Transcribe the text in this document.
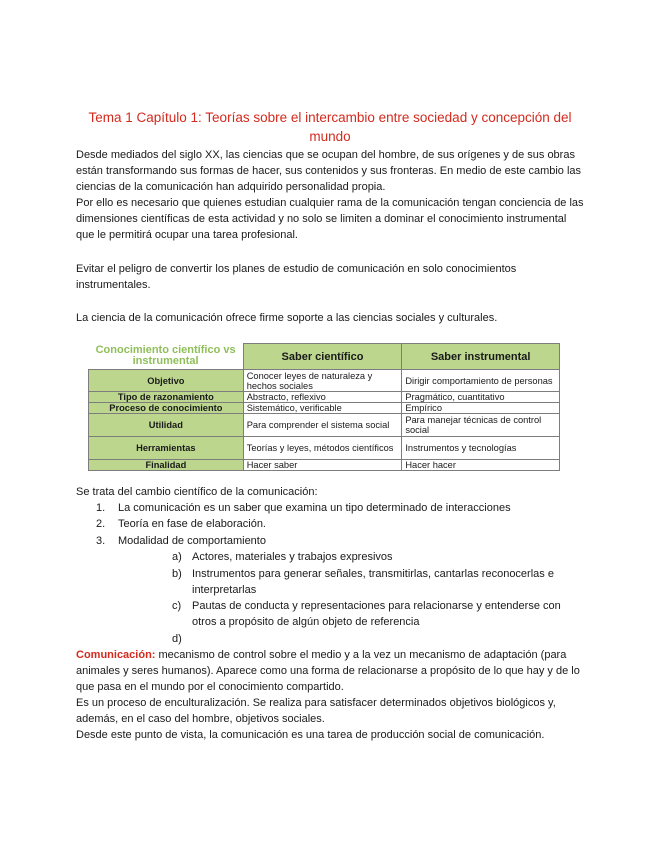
Tema 1 Capítulo 1: Teorías sobre el intercambio entre sociedad y concepción del mundo
Desde mediados del siglo XX, las ciencias que se ocupan del hombre, de sus orígenes y de sus obras están transformando sus formas de hacer, sus contenidos y sus fronteras. En medio de este cambio las ciencias de la comunicación han adquirido personalidad propia.
Por ello es necesario que quienes estudian cualquier rama de la comunicación tengan conciencia de las dimensiones científicas de esta actividad y no solo se limiten a dominar el conocimiento instrumental que le permitirá ocupar una tarea profesional.
Evitar el peligro de convertir los planes de estudio de comunicación en solo conocimientos instrumentales.
La ciencia de la comunicación ofrece firme soporte a las ciencias sociales y culturales.
Conocimiento científico vs instrumental	Saber científico	Saber instrumental
Objetivo	Conocer leyes de naturaleza y hechos sociales	Dirigir comportamiento de personas
Tipo de razonamiento	Abstracto, reflexivo	Pragmático, cuantitativo
Proceso de conocimiento	Sistemático, verificable	Empírico
Utilidad	Para comprender el sistema social	Para manejar técnicas de control social
Herramientas	Teorías y leyes, métodos científicos	Instrumentos y tecnologías
Finalidad	Hacer saber	Hacer hacer
Se trata del cambio científico de la comunicación:
1. La comunicación es un saber que examina un tipo determinado de interacciones
2. Teoría en fase de elaboración.
3. Modalidad de comportamiento
a) Actores, materiales y trabajos expresivos
b) Instrumentos para generar señales, transmitirlas, cantarlas reconocerlas e interpretarlas
c) Pautas de conducta y representaciones para relacionarse y entenderse con otros a propósito de algún objeto de referencia
d)
Comunicación: mecanismo de control sobre el medio y a la vez un mecanismo de adaptación (para animales y seres humanos). Aparece como una forma de relacionarse a propósito de lo que hay y de lo que pasa en el mundo por el conocimiento compartido.
Es un proceso de enculturalización. Se realiza para satisfacer determinados objetivos biológicos y, además, en el caso del hombre, objetivos sociales.
Desde este punto de vista, la comunicación es una tarea de producción social de comunicación.
